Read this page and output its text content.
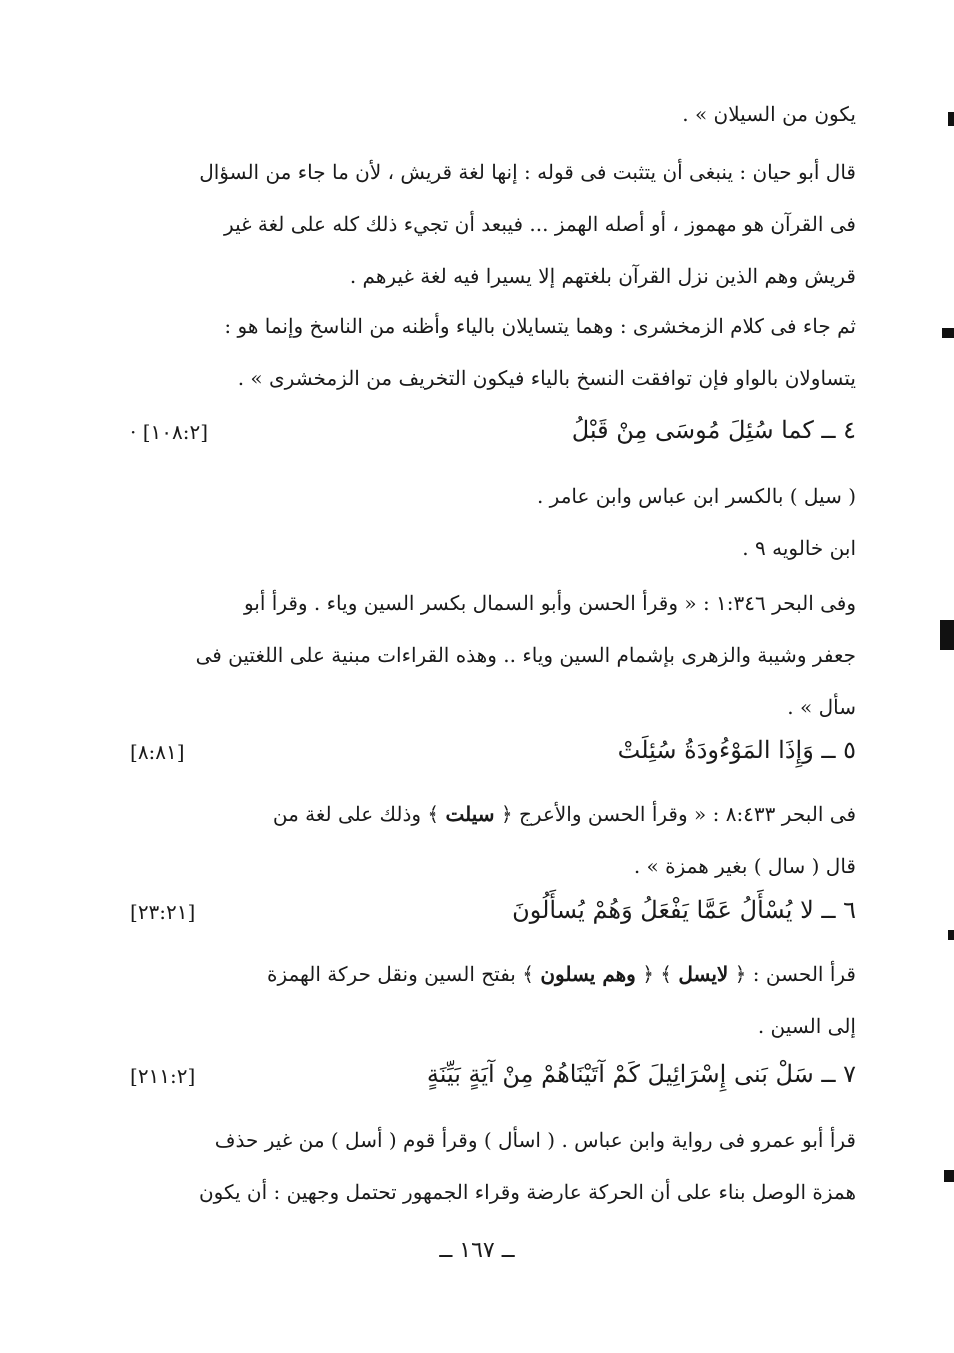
يكون من السيلان » .
قال أبو حيان : ينبغى أن يتثبت فى قوله : إنها لغة قريش ، لأن ما جاء من السؤال
فى القرآن هو مهموز ، أو أصله الهمز ... فيبعد أن تجيء ذلك كله على لغة غير
قريش وهم الذين نزل القرآن بلغتهم إلا يسيرا فيه لغة غيرهم .
ثم جاء فى كلام الزمخشرى : وهما يتسايلان بالياء وأظنه من الناسخ وإنما هو :
يتساولان بالواو فإن توافقت النسخ بالياء فيكون التخريف من الزمخشرى » .
٤ ــ كما سُئِلَ مُوسَى مِنْ قَبْلُ
· [١٠٨:٢]
( سيل ) بالكسر ابن عباس وابن عامر .
ابن خالويه ٩ .
وفى البحر ١:٣٤٦ : « وقرأ الحسن وأبو السمال بكسر السين وياء . وقرأ أبو
جعفر وشيبة والزهرى بإشمام السين وياء .. وهذه القراءات مبنية على اللغتين فى
سأل » .
٥ ــ وَإِذَا المَوْءُودَةُ سُئِلَتْ
[٨:٨١]
فى البحر ٨:٤٣٣ : « وقرأ الحسن والأعرج ﴿ سيلت ﴾ وذلك على لغة من
قال ( سال ) بغير همزة » .
٦ ــ لا يُسْأَلُ عَمَّا يَفْعَلُ وَهُمْ يُسأَلُونَ
[٢٣:٢١]
قرأ الحسن : ﴿ لايسل ﴾ ﴿ وهم يسلون ﴾ بفتح السين ونقل حركة الهمزة
إلى السين .
٧ ــ سَلْ بَنى إِسْرَائِيلَ كَمْ آتَيْنَاهُمْ مِنْ آيَةٍ بَيِّنَةٍ
[٢١١:٢]
قرأ أبو عمرو فى رواية وابن عباس . ( اسأل ) وقرأ قوم ( أسل ) من غير حذف
همزة الوصل بناء على أن الحركة عارضة وقراء الجمهور تحتمل وجهين : أن يكون
ــ ١٦٧ ــ
